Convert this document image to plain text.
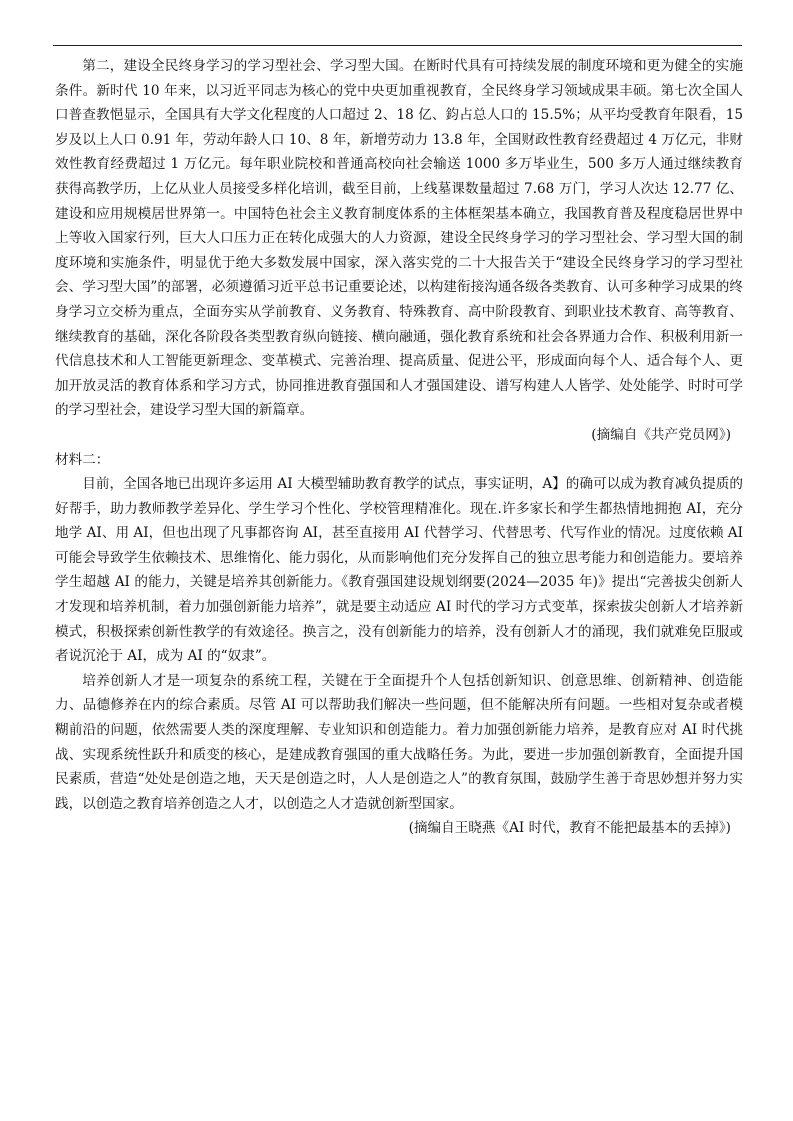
第二，建设全民终身学习的学习型社会、学习型大国。在断时代具有可持续发展的制度环境和更为健全的实施条件。新时代 10 年来，以习近平同志为核心的党中央更加重视教育，全民终身学习领域成果丰硕。第七次全国人口普查教悒显示，全国具有大学文化程度的人口超过 2、18 亿、鈞占总人口的 15.5%；从平均受教育年限看，15 岁及以上人口 0.91 年，劳动年龄人口 10、8 年，新增劳动力 13.8 年，全国财政性教育经费超过 4 万亿元，非财效性教育经费超过 1 万亿元。每年职业院校和普通高校向社会输送 1000 多万毕业生，500 多万人通过继续教育获得高教学历，上亿从业人员接受多样化培训，截至目前，上线墓课数量超过 7.68 万门，学习人次达 12.77 亿、建设和应用规模居世界第一。中国特色社会主义教育制度体系的主体框架基本确立，我国教育普及程度稳居世界中上等收入国家行列，巨大人口压力正在转化成强大的人力资源，建设全民终身学习的学习型社会、学习型大国的制度环境和实施条件，明显优于绝大多数发展中国家，深入落实党的二十大报告关于“建设全民终身学习的学习型社会、学习型大国”的部署，必须遵循习近平总书记重要论述，以构建衔接沟通各级各类教育、认可多种学习成果的终身学习立交桥为重点，全面夯实从学前教育、义务教育、特殊教育、高中阶段教育、到职业技术教育、高等教育、继续教育的基础，深化各阶段各类型教育纵向链接、横向融通，强化教育系统和社会各界通力合作、积极利用新一代信息技术和人工智能更新理念、变革模式、完善治理、提高质量、促进公平，形成面向每个人、适合每个人、更加开放灵活的教育体系和学习方式，协同推进教育强国和人才强国建设、谱写构建人人皆学、处处能学、时时可学的学习型社会，建设学习型大国的新篇章。

(摘编自《共产党员网》)

材料二：

目前，全国各地已出现许多运用 AI 大模型辅助教育教学的试点，事实证明，A】的确可以成为教育减负提质的好帮手，助力教师教学差异化、学生学习个性化、学校管理精准化。现在.许多家长和学生都热情地拥抱 AI，充分地学 AI、用 AI，但也出现了凡事都咨询 AI，甚至直接用 AI 代替学习、代替思考、代写作业的情况。过度依赖 AI 可能会导致学生依赖技术、思维惰化、能力弱化，从而影响他们充分发挥自己的独立思考能力和创造能力。要培养学生超越 AI 的能力，关键是培养其创新能力。《教育强国建设规划纲要(2024—2035 年)》提出“完善拔尖创新人才发现和培养机制，着力加强创新能力培养”，就是要主动适应 AI 时代的学习方式变革，探索拔尖创新人才培养新模式，积极探索创新性教学的有效途径。换言之，没有创新能力的培养，没有创新人才的涌现，我们就难免臣服或者说沉沦于 AI，成为 AI 的“奴隶”。

培养创新人才是一项复杂的系统工程，关键在于全面提升个人包括创新知识、创意思维、创新精神、创造能力、品德修养在内的综合素质。尽管 AI 可以帮助我们解决一些问题，但不能解决所有问题。一些相对复杂或者模糊前沿的问题，依然需要人类的深度理解、专业知识和创造能力。着力加强创新能力培养，是教育应对 AI 时代挑战、实现系统性跃升和质变的核心，是建成教育强国的重大战略任务。为此，要进一步加强创新教育，全面提升国民素质，营造“处处是创造之地，天天是创造之时，人人是创造之人”的教育氛围，鼓励学生善于奇思妙想并努力实践，以创造之教育培养创造之人才，以创造之人才造就创新型国家。

(摘编自王晓燕《AI 时代，教育不能把最基本的丢掉》)
